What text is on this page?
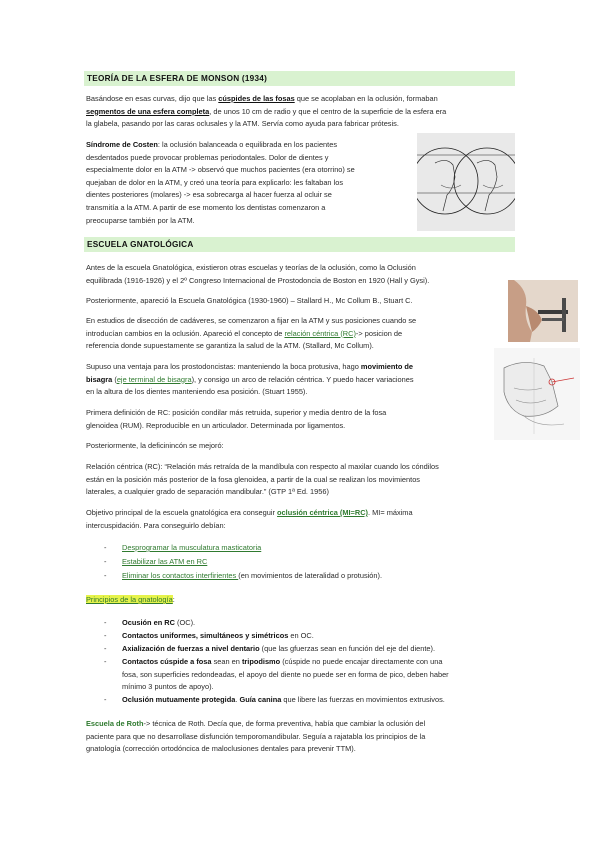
TEORÍA DE LA ESFERA DE MONSON (1934)
Basándose en esas curvas, dijo que las cúspides de las fosas que se acoplaban en la oclusión, formaban
segmentos de una esfera completa, de unos 10 cm de radio y que el centro de la superficie de la esfera era
la glabela, pasando por las caras oclusales y la ATM. Servía como ayuda para fabricar prótesis.
Síndrome de Costen: la oclusión balanceada o equilibrada en los pacientes
desdentados puede provocar problemas periodontales. Dolor de dientes y
especialmente dolor en la ATM -> observó que muchos pacientes (era otorrino) se
quejaban de dolor en la ATM, y creó una teoría para explicarlo: les faltaban los
dientes posteriores (molares) -> esa sobrecarga al hacer fuerza al ocluir se
transmitía a la ATM. A partir de ese momento los dentistas comenzaron a
preocuparse también por la ATM.
ESCUELA GNATOLÓGICA
Antes de la escuela Gnatológica, existieron otras escuelas y teorías de la oclusión, como la Oclusión
equilibrada (1916-1926) y el 2º Congreso Internacional de Prostodoncia de Boston en 1920 (Hall y Gysi).
Posteriormente, apareció la Escuela Gnatológica (1930-1960) – Stallard H., Mc Collum B., Stuart C.
En estudios de disección de cadáveres, se comenzaron a fijar en la ATM y sus posiciones cuando se
introducían cambios en la oclusión. Apareció el concepto de relación céntrica (RC)-> posicion de
referencia donde supuestamente se garantiza la salud de la ATM. (Stallard, Mc Collum).
Supuso una ventaja para los prostodoncistas: manteniendo la boca protusiva, hago movimiento de
bisagra (eje terminal de bisagra), y consigo un arco de relación céntrica. Y puedo hacer variaciones
en la altura de los dientes manteniendo esa posición. (Stuart 1955).
Primera definición de RC: posición condilar más retruida, superior y media dentro de la fosa
glenoidea (RUM). Reproducible en un articulador. Determinada por ligamentos.
Posteriormente, la deficinincón se mejoró:
Relación céntrica (RC): “Relación más retraída de la mandíbula con respecto al maxilar cuando los cóndilos
están en la posición más posterior de la fosa glenoidea, a partir de la cual se realizan los movimientos
laterales, a cualquier grado de separación mandibular.” (GTP 1ª Ed. 1956)
Objetivo principal de la escuela gnatológica era conseguir oclusión céntrica (MI=RC). MI= máxima
intercuspidación. Para conseguirlo debían:
- Desprogramar la musculatura masticatoria
- Estabilizar las ATM en RC
- Eliminar los contactos interfirientes (en movimientos de lateralidad o protusión).
Principios de la gnatología:
- Ocusión en RC (OC).
- Contactos uniformes, simultáneos y simétricos en OC.
- Axialización de fuerzas a nivel dentario (que las gfuerzas sean en función del eje del diente).
- Contactos cúspide a fosa sean en tripodismo (cúspide no puede encajar directamente con una
fosa, son superficies redondeadas, el apoyo del diente no puede ser en forma de pico, deben haber
mínimo 3 puntos de apoyo).
- Oclusión mutuamente protegida. Guía canina que libere las fuerzas en movimientos extrusivos.
Escuela de Roth-> técnica de Roth. Decía que, de forma preventiva, había que cambiar la oclusión del
paciente para que no desarrollase disfunción temporomandibular. Seguía a rajatabla los principios de la
gnatología (corrección ortodóncica de maloclusiones dentales para prevenir TTM).
